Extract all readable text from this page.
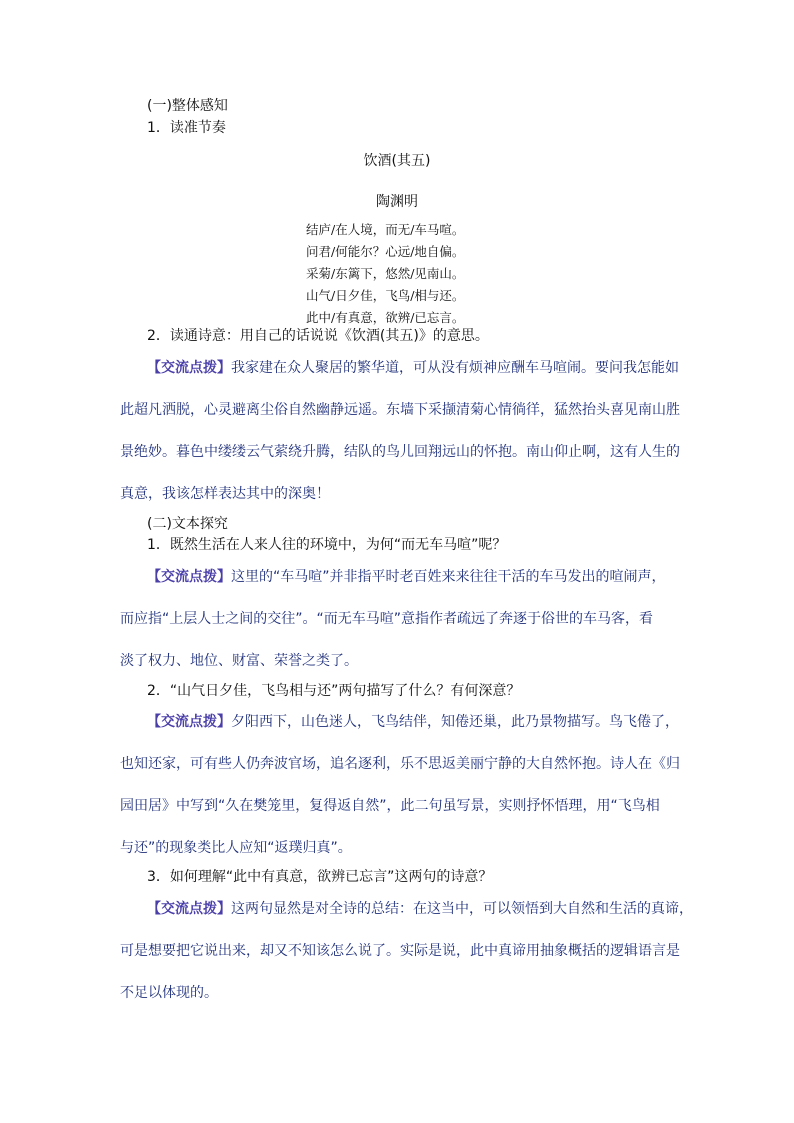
(一)整体感知
1．读准节奏
饮酒(其五)
陶渊明
结庐/在人境，而无/车马喧。
问君/何能尔？心远/地自偏。
采菊/东篱下，悠然/见南山。
山气/日夕佳，飞鸟/相与还。
此中/有真意，欲辨/已忘言。
2．读通诗意：用自己的话说说《饮酒(其五)》的意思。
【交流点拨】我家建在众人聚居的繁华道，可从没有烦神应酬车马喧闹。要问我怎能如
此超凡洒脱，心灵避离尘俗自然幽静远遥。东墙下采撷清菊心情徜徉，猛然抬头喜见南山胜
景绝妙。暮色中缕缕云气萦绕升腾，结队的鸟儿回翔远山的怀抱。南山仰止啊，这有人生的
真意，我该怎样表达其中的深奥！
(二)文本探究
1．既然生活在人来人往的环境中，为何“而无车马喧”呢？
【交流点拨】这里的“车马喧”并非指平时老百姓来来往往干活的车马发出的喧闹声，
而应指“上层人士之间的交往”。“而无车马喧”意指作者疏远了奔逐于俗世的车马客，看
淡了权力、地位、财富、荣誉之类了。
2．“山气日夕佳，飞鸟相与还”两句描写了什么？有何深意？
【交流点拨】夕阳西下，山色迷人，飞鸟结伴，知倦还巢，此乃景物描写。鸟飞倦了，
也知还家，可有些人仍奔波官场，追名逐利，乐不思返美丽宁静的大自然怀抱。诗人在《归
园田居》中写到“久在樊笼里，复得返自然”，此二句虽写景，实则抒怀悟理，用“飞鸟相
与还”的现象类比人应知“返璞归真”。
3．如何理解“此中有真意，欲辨已忘言”这两句的诗意？
【交流点拨】这两句显然是对全诗的总结：在这当中，可以领悟到大自然和生活的真谛，
可是想要把它说出来，却又不知该怎么说了。实际是说，此中真谛用抽象概括的逻辑语言是
不足以体现的。
